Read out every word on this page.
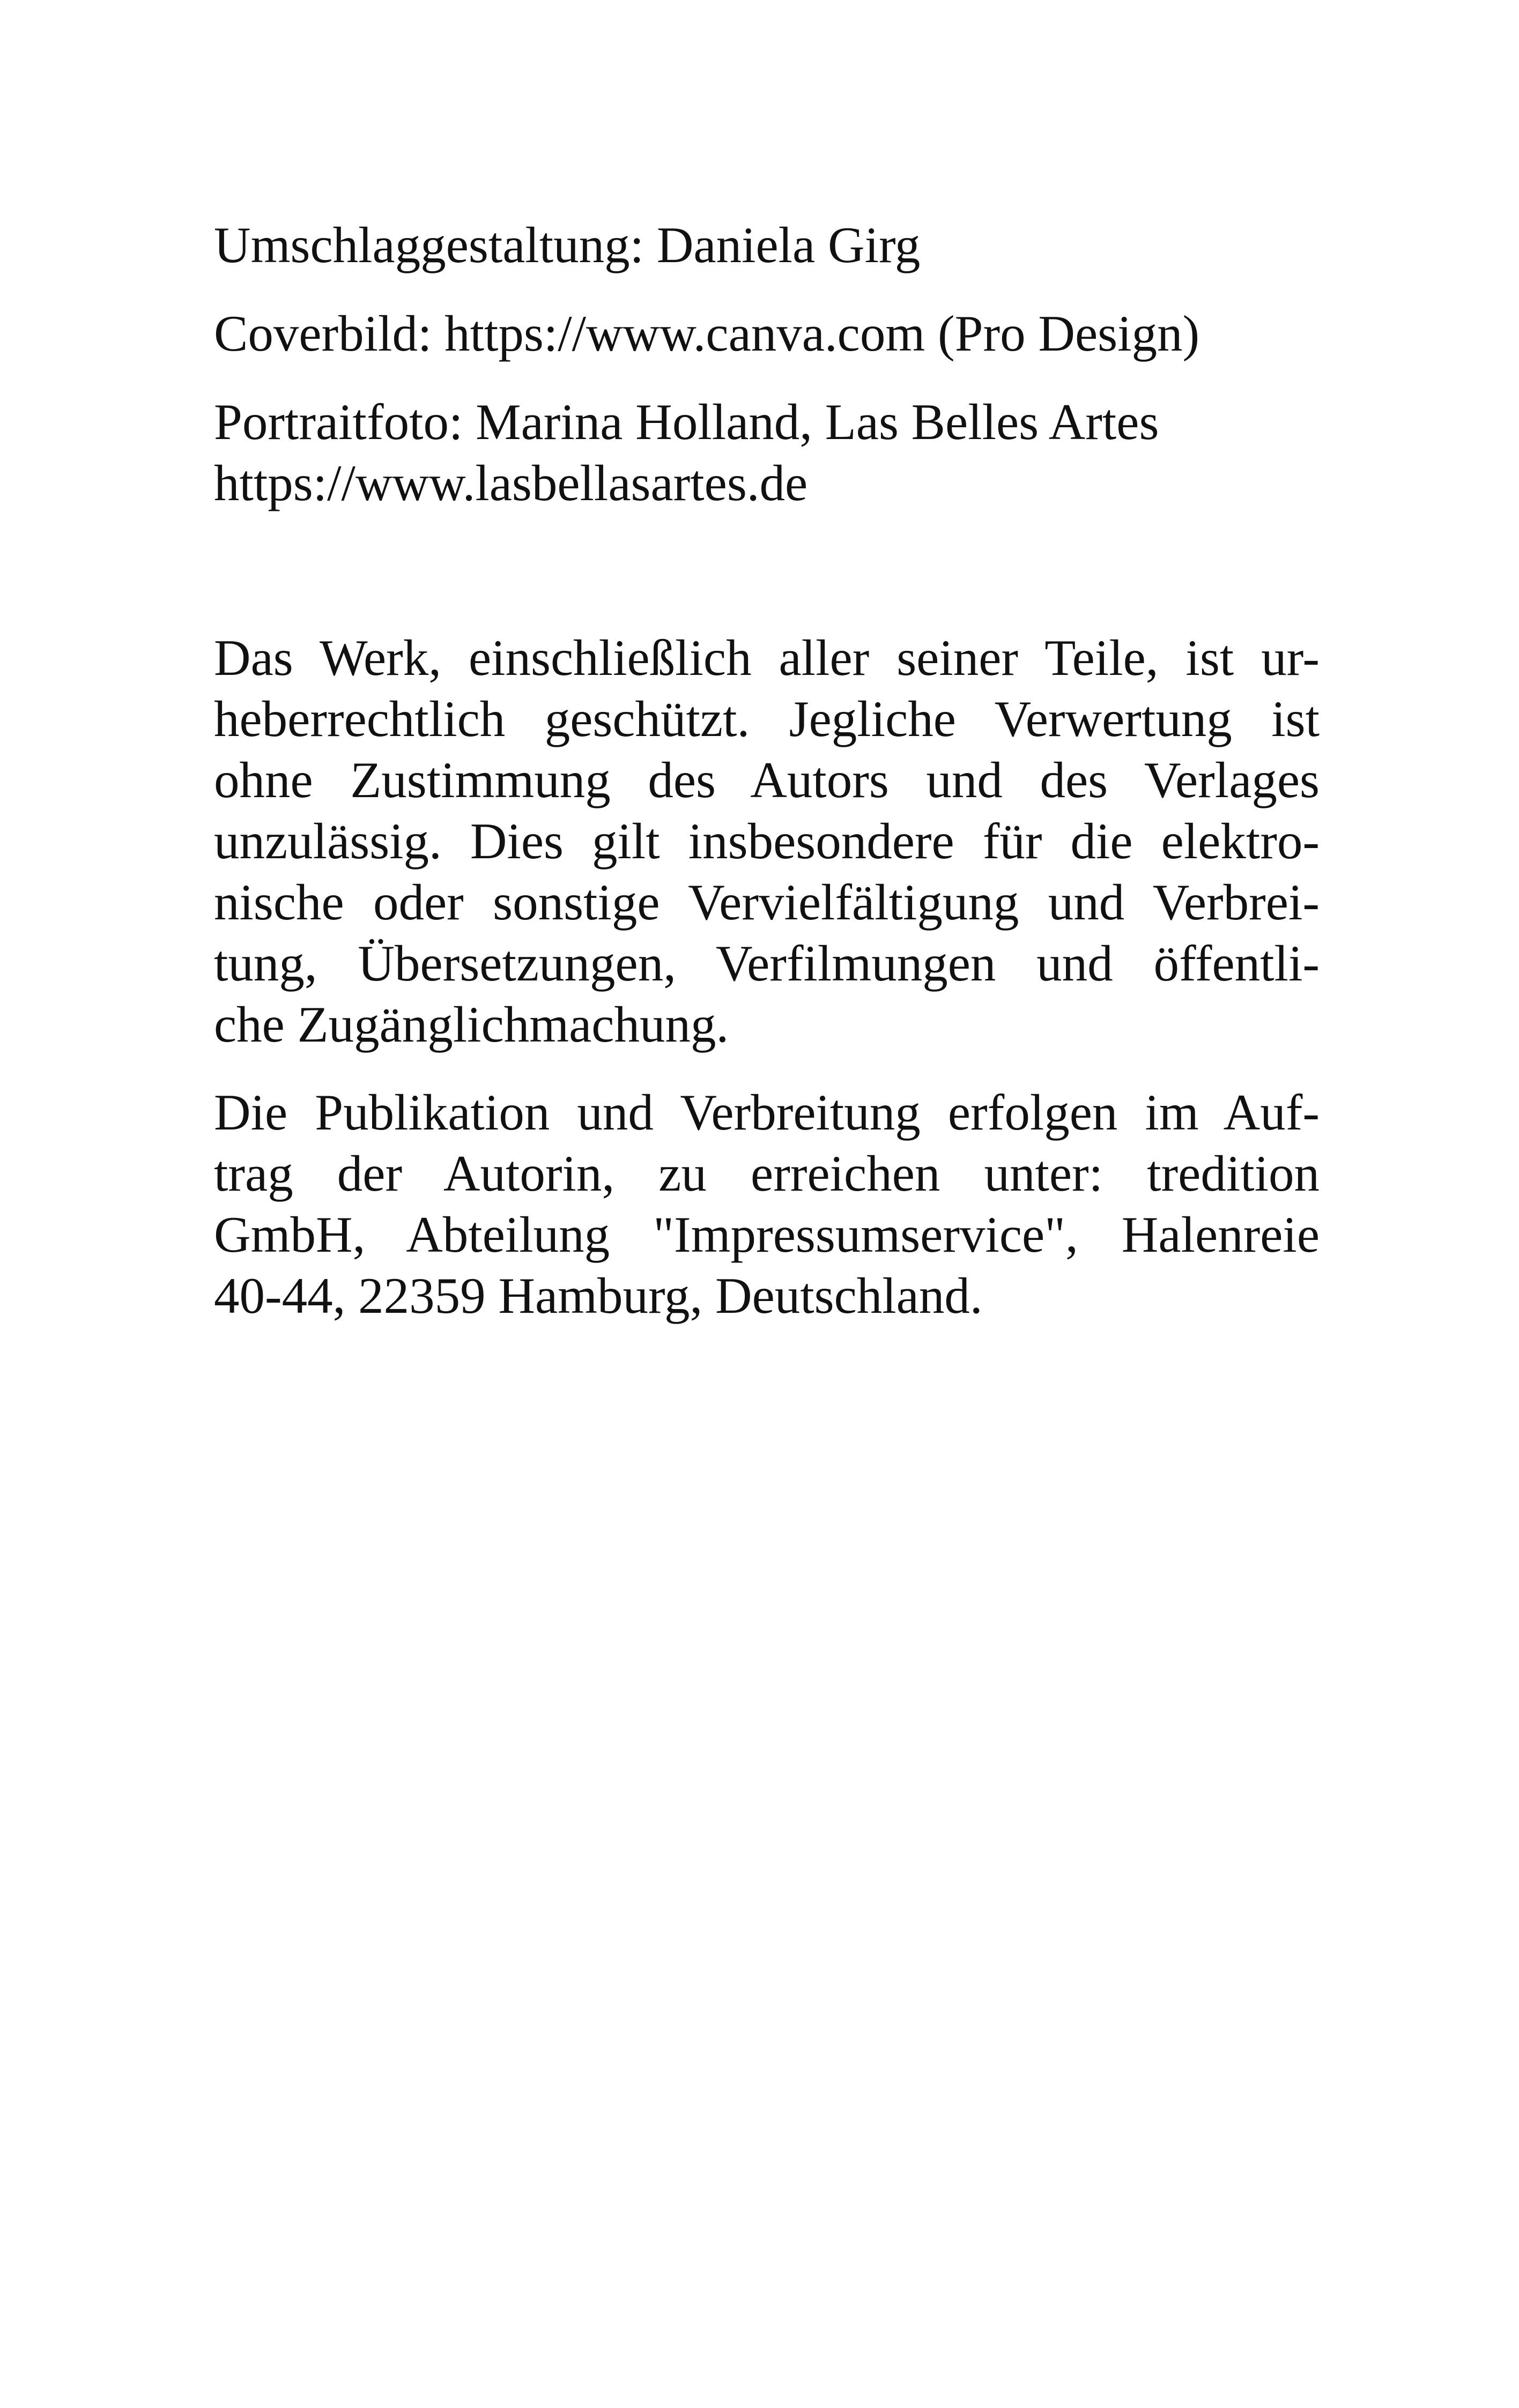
Umschlaggestaltung: Daniela Girg

Coverbild: https://www.canva.com (Pro Design)

Portraitfoto: Marina Holland, Las Belles Artes
https://www.lasbellasartes.de

Das Werk, einschließlich aller seiner Teile, ist ur-
heberrechtlich geschützt. Jegliche Verwertung ist
ohne Zustimmung des Autors und des Verlages
unzulässig. Dies gilt insbesondere für die elektro-
nische oder sonstige Vervielfältigung und Verbrei-
tung, Übersetzungen, Verfilmungen und öffentli-
che Zugänglichmachung.

Die Publikation und Verbreitung erfolgen im Auf-
trag der Autorin, zu erreichen unter: tredition
GmbH, Abteilung "Impressumservice", Halenreie
40-44, 22359 Hamburg, Deutschland.
